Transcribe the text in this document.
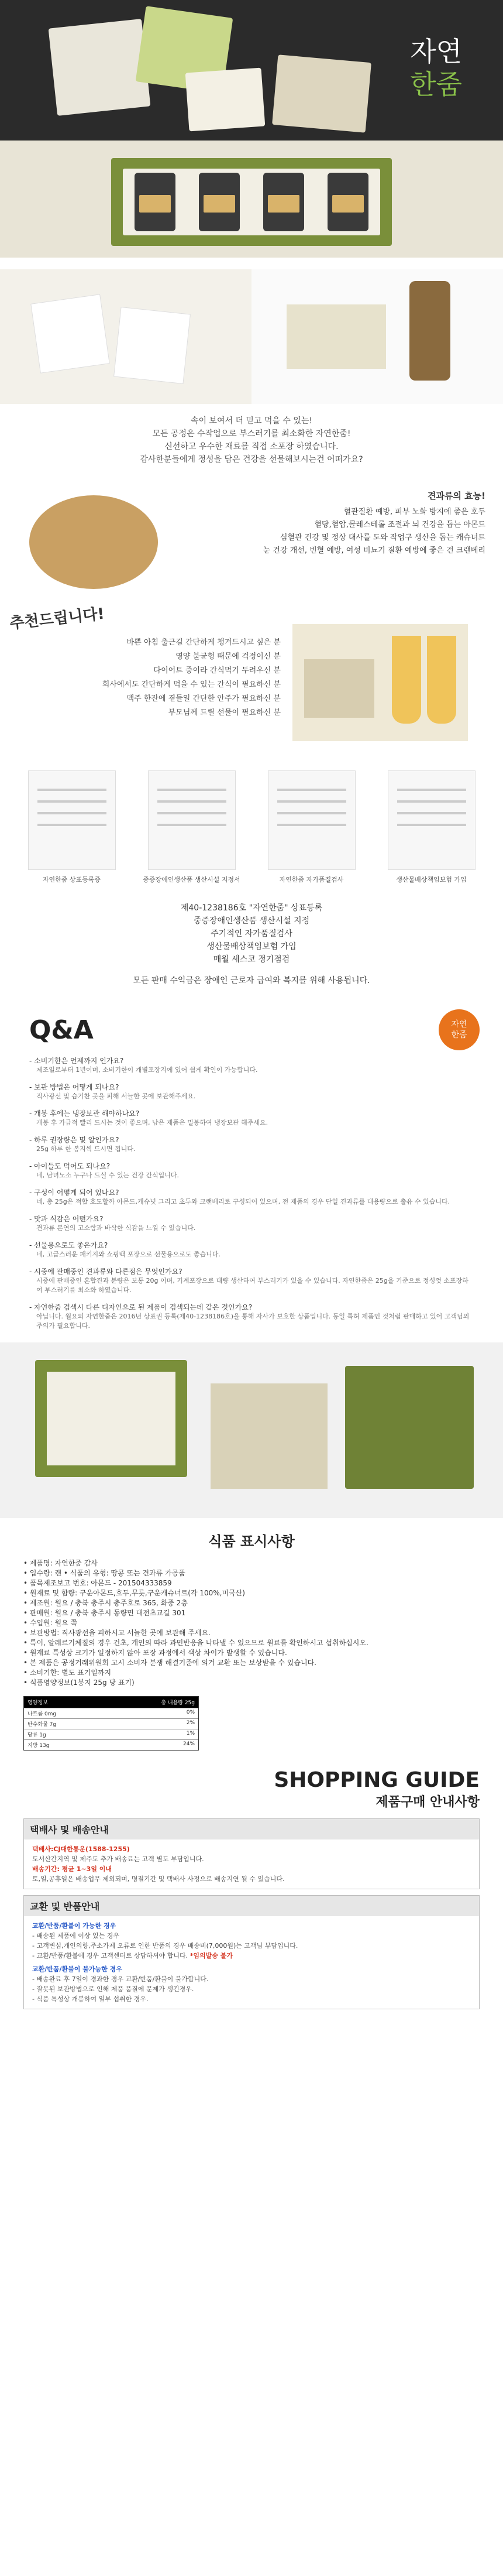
자연
한줌

속이 보여서 더 믿고 먹을 수 있는!

모든 공정은 수작업으로 부스러기를 최소화한 자연한줌!

신선하고 우수한 재료를 직접 소포장 하였습니다.

감사한분들에게 정성을 담은 건강을 선물해보시는건 어떠가요?

견과류의 효능!

혈관질환 예방, 피부 노화 방지에 좋은 호두

혈당,혈압,콜레스테롤 조절과 뇌 건강을 돕는 아몬드

심혈관 건강 및 정상 대사를 도와 작업구 생산을 돕는 캐슈너트

눈 건강 개선, 빈혈 예방, 여성 비뇨기 질환 예방에 좋은 건 크랜베리

추천드립니다!

바쁜 아침 출근길 간단하게 챙겨드시고 싶은 분

영양 불균형 때문에 걱정이신 분

다이어트 중이라 간식먹기 두려우신 분

회사에서도 간단하게 먹을 수 있는 간식이 필요하신 분

맥주 한잔에 곁들일 간단한 안주가 필요하신 분

부모님께 드릴 선물이 필요하신 분

자연한줌 상표등록증	중증장애인생산품 생산시설 지정서	자연한줌 자가품질검사	생산물배상책임보험 가입

제40-1238186호 "자연한줌" 상표등록

중증장애인생산품 생산시설 지정

주기적인 자가품질검사

생산물배상책임보험 가입

매월 세스코 정기점검

모든 판매 수익금은 장애인 근로자 급여와 복지를 위해 사용됩니다.

Q&A	자연
한줌
- 소비기한은 언제까지 인가요?
제조일로부터 1년이며, 소비기한이 개별포장지에 있어 쉽게 확인이 가능합니다.
- 보관 방법은 어떻게 되나요?
직사광선 및 습기찬 곳을 피해 서늘한 곳에 보관해주세요.
- 개봉 후에는 냉장보관 해야하나요?
개봉 후 가급적 빨리 드시는 것이 좋으며, 남은 제품은 밀봉하여 냉장보관 해주세요.
- 하루 권장량은 몇 알인가요?
25g 하루 한 봉지씩 드시면 됩니다.
- 아이들도 먹어도 되나요?
네, 남녀노소 누구나 드실 수 있는 건강 간식입니다.
- 구성이 어떻게 되어 있나요?
네, 총 25g은 적합 호도할까 아몬드,캐슈넛 그리고 초두와 크랜베리로 구성되어 있으며, 전 제품의 경우 단일 견과류를 대용량으로 출유 수 있습니다.
- 맛과 식감은 어떤가요?
견과류 본연의 고소함과 바삭한 식감을 느낄 수 있습니다.
- 선물용으로도 좋은가요?
네, 고급스러운 패키지와 쇼핑백 포장으로 선물용으로도 좋습니다.
- 시중에 판매중인 견과류와 다른점은 무엇인가요?
시중에 판매중인 혼합견과 분량은 보통 20g 이며, 기계포장으로 대량 생산하여 부스러기가 있을 수 있습니다. 자연한줌은 25g을 기준으로 정성껏 소포장하여 부스러기를 최소화 하였습니다.
- 자연한줌 검색시 다른 디자인으로 된 제품이 검색되는데 같은 것인가요?
아닙니다. 월요의 자연한줌은 2016년 상표권 등록(제40-1238186호)을 통해 자사가 보호한 상품입니다. 동일 특허 제품인 것처럼 판매하고 있어 고객님의 주의가 필요합니다.
식품 표시사항
• 제품명: 자연한줌 감사
• 입수량: 캔 • 식품의 유형: 땅콩 또는 견과류 가공품
• 품목제조보고 번호: 아몬드 - 201504333859
• 원재료 및 함량: 구운아몬드,호두,무릇,구운캐슈너트(각 100%,미국산)
• 제조원: 월요 / 충북 충주시 충주호로 365, 화중 2층
• 판매원: 월요 / 충북 충주시 동량면 대전초교길 301
• 수입원: 월요 쪽
• 보관방법: 직사광선을 피하시고 서늘한 곳에 보관해 주세요.
• 특이, 알레르기체질의 경우 건초, 개인의 따라 과민반응을 나타낼 수 있으므로 원료를 확인하시고 섭취하십시오.
• 원재료 특성상 크기가 일정하지 않아 포장 과정에서 색상 차이가 발생할 수 있습니다.
• 본 제품은 공정거래위원회 고시 소비자 분쟁 해결기준에 의거 교환 또는 보상받을 수 있습니다.
• 소비기한: 별도 표기일까지
• 식품영양정보(1봉지 25g 당 표기)
영양정보	총 내용량 25g
나트륨 0mg	0%
탄수화물 7g	2%
당류 1g	1%
지방 13g	24%
SHOPPING GUIDE
제품구매 안내사항
택배사 및 배송안내

택배사:CJ대한통운(1588-1255)

도서산간지역 및 제주도 추가 배송료는 고객 별도 부담입니다.

배송기간: 평균 1~3일 이내

토,일,공휴일은 배송업무 제외되며, 명절기간 및 택배사 사정으로 배송지연 될 수 있습니다.

교환 및 반품안내

교환/반품/환불이 가능한 경우

- 배송된 제품에 이상 있는 경우

- 고객변심,개인의향,주소가제 오류로 인한 반품의 경우 배송비(7,000원)는 고객님 부담입니다.

- 교환/반품/환불에 경우 고객센터로 상담하셔야 합니다. *임의발송 불가

교환/반품/환불이 불가능한 경우

- 배송완료 후 7일이 경과한 경우 교환/반품/환불이 불가합니다.

- 잘못된 보관방법으로 인해 제품 품질에 문제가 생긴경우.

- 식품 특성상 개봉하여 일부 섭취한 경우.
